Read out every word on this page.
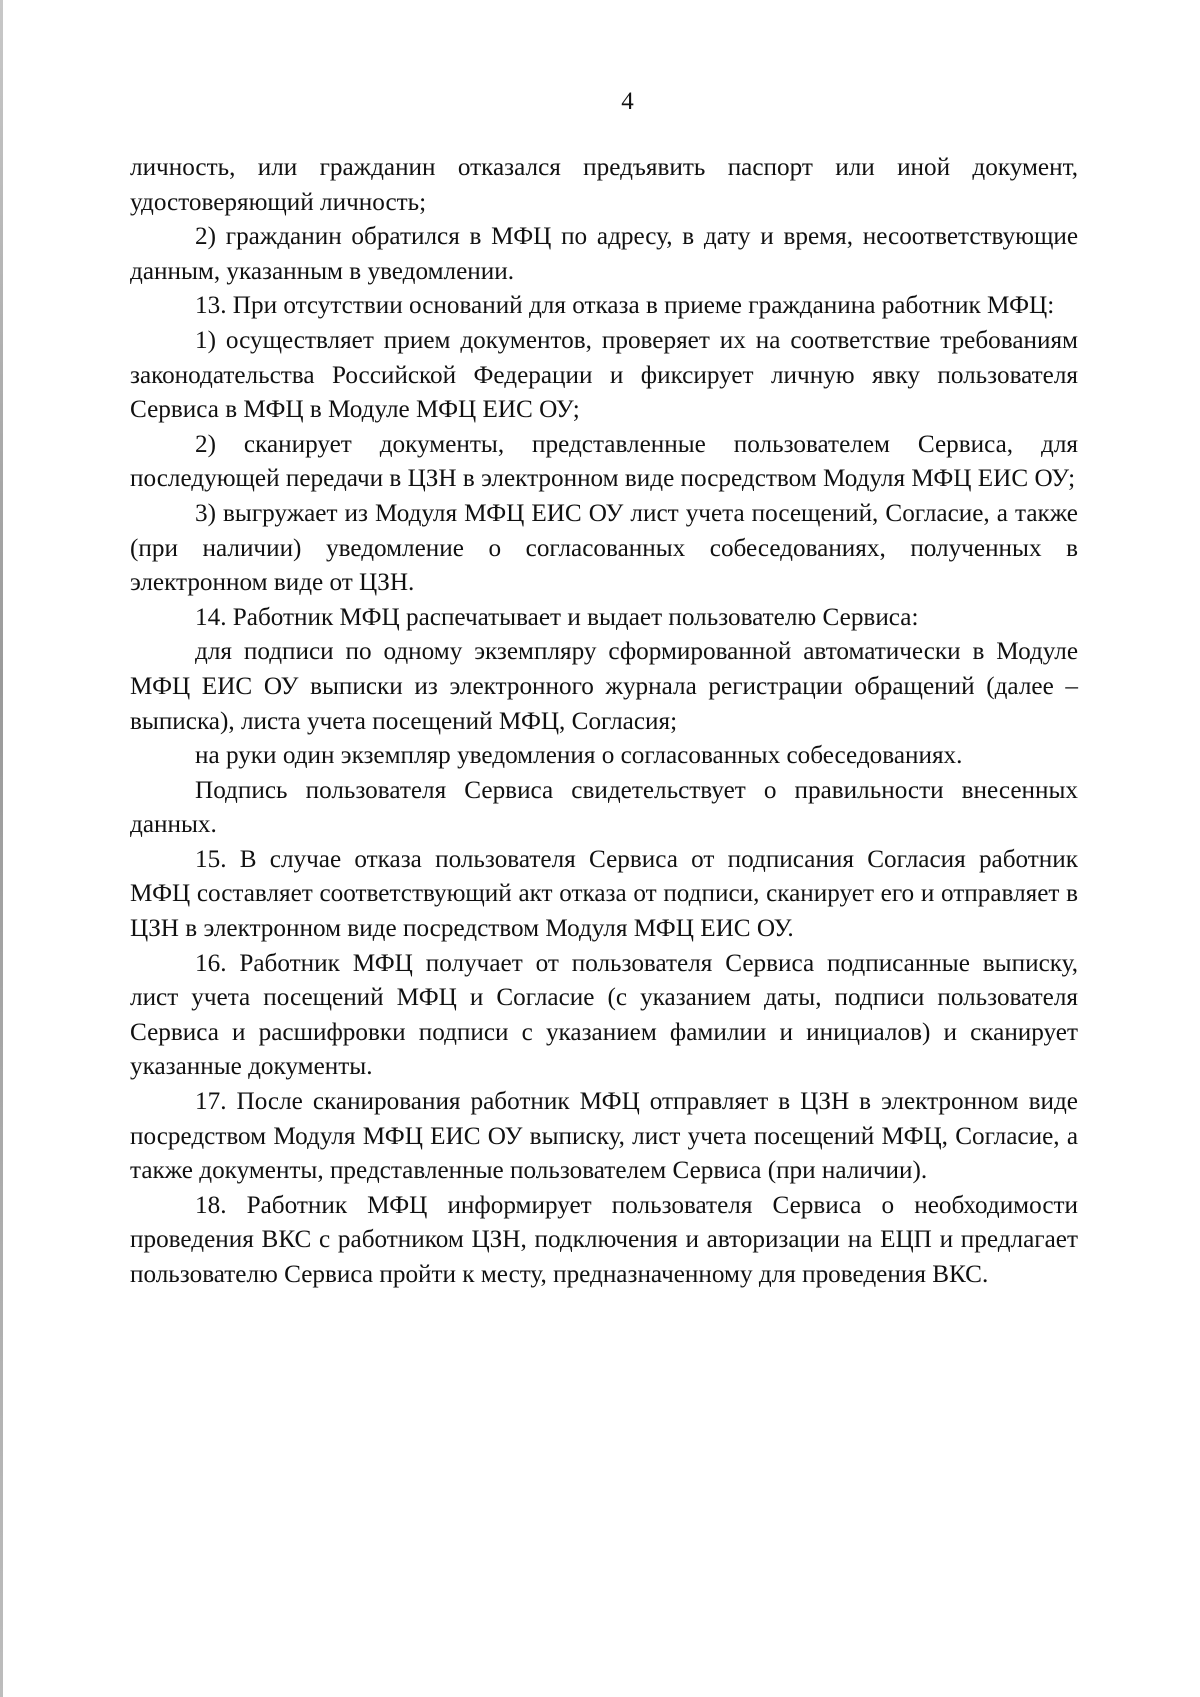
4

личность, или гражданин отказался предъявить паспорт или иной документ, удостоверяющий личность;

2) гражданин обратился в МФЦ по адресу, в дату и время, несоответствующие данным, указанным в уведомлении.

13. При отсутствии оснований для отказа в приеме гражданина работник МФЦ:

1) осуществляет прием документов, проверяет их на соответствие требованиям законодательства Российской Федерации и фиксирует личную явку пользователя Сервиса в МФЦ в Модуле МФЦ ЕИС ОУ;

2) сканирует документы, представленные пользователем Сервиса, для последующей передачи в ЦЗН в электронном виде посредством Модуля МФЦ ЕИС ОУ;

3) выгружает из Модуля МФЦ ЕИС ОУ лист учета посещений, Согласие, а также (при наличии) уведомление о согласованных собеседованиях, полученных в электронном виде от ЦЗН.

14. Работник МФЦ распечатывает и выдает пользователю Сервиса:

для подписи по одному экземпляру сформированной автоматически в Модуле МФЦ ЕИС ОУ выписки из электронного журнала регистрации обращений (далее – выписка), листа учета посещений МФЦ, Согласия;

на руки один экземпляр уведомления о согласованных собеседованиях.

Подпись пользователя Сервиса свидетельствует о правильности внесенных данных.

15. В случае отказа пользователя Сервиса от подписания Согласия работник МФЦ составляет соответствующий акт отказа от подписи, сканирует его и отправляет в ЦЗН в электронном виде посредством Модуля МФЦ ЕИС ОУ.

16. Работник МФЦ получает от пользователя Сервиса подписанные выписку, лист учета посещений МФЦ и Согласие (с указанием даты, подписи пользователя Сервиса и расшифровки подписи с указанием фамилии и инициалов) и сканирует указанные документы.

17. После сканирования работник МФЦ отправляет в ЦЗН в электронном виде посредством Модуля МФЦ ЕИС ОУ выписку, лист учета посещений МФЦ, Согласие, а также документы, представленные пользователем Сервиса (при наличии).

18. Работник МФЦ информирует пользователя Сервиса о необходимости проведения ВКС с работником ЦЗН, подключения и авторизации на ЕЦП и предлагает пользователю Сервиса пройти к месту, предназначенному для проведения ВКС.
